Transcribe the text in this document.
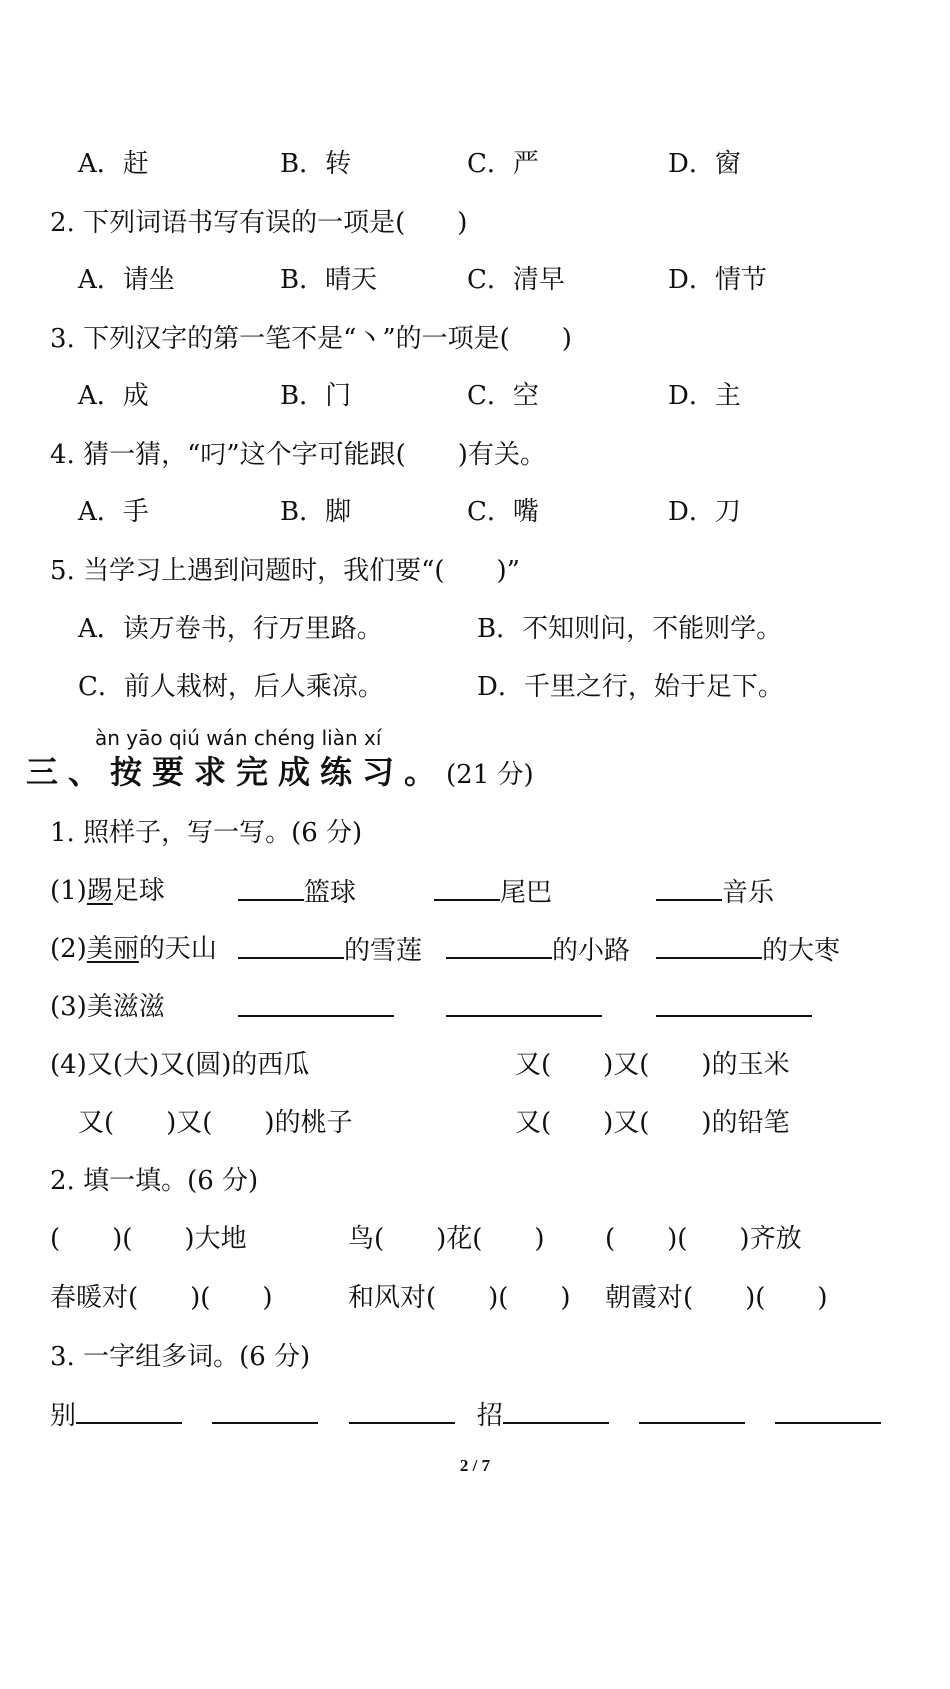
A．赶	B．转	C．严	D．窗
2. 下列词语书写有误的一项是(　　)
A．请坐	B．晴天	C．清早	D．情节
3. 下列汉字的第一笔不是“丶”的一项是(　　)
A．成	B．门	C．空	D．主
4. 猜一猜，“叼”这个字可能跟(　　)有关。
A．手	B．脚	C．嘴	D．刀
5. 当学习上遇到问题时，我们要“(　　)”
A．读万卷书，行万里路。	B．不知则问，不能则学。
C．前人栽树，后人乘凉。	D．千里之行，始于足下。
àn yāo qiú wán chéng liàn xí
三、按要求完成练习。(21 分)
1. 照样子，写一写。(6 分)
(1)踢足球	篮球	尾巴	音乐
(2)美丽的天山	的雪莲	的小路	的大枣
(3)美滋滋
(4)又(大)又(圆)的西瓜	又(　　)又(　　)的玉米
又(　　)又(　　)的桃子	又(　　)又(　　)的铅笔
2. 填一填。(6 分)
(　　)(　　)大地	鸟(　　)花(　　) (　　)(　　)齐放
春暖对(　　)(　　)	和风对(　　)(　　) 朝霞对(　　)(　　)
3. 一字组多词。(6 分)
别	招
2 / 7
